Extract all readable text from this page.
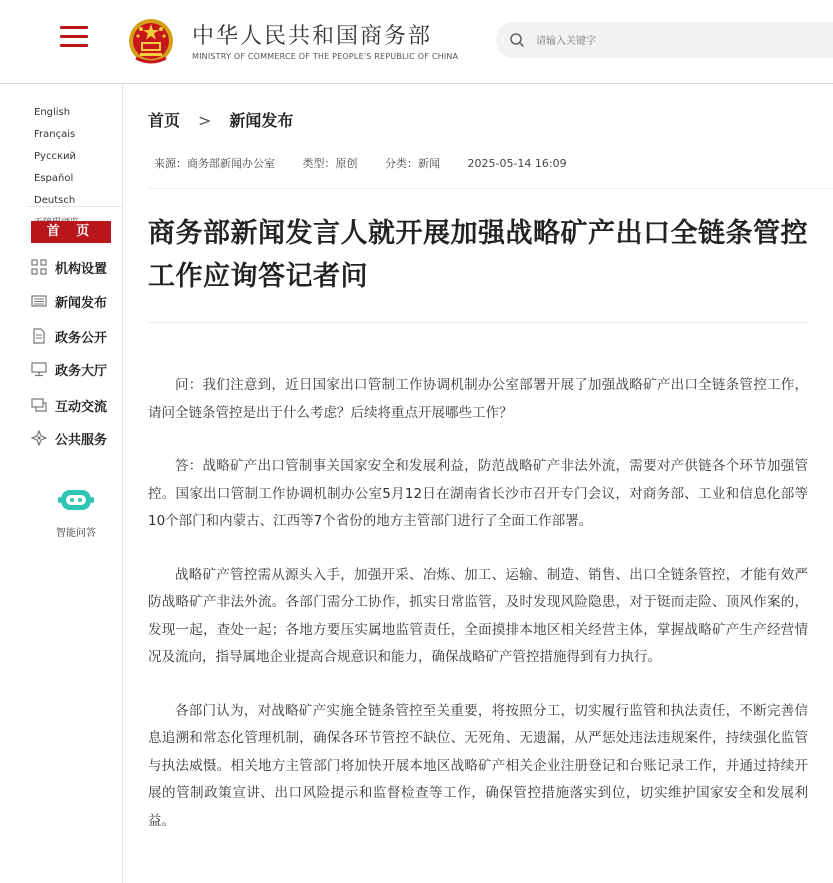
中华人民共和国商务部
MINISTRY OF COMMERCE OF THE PEOPLE'S REPUBLIC OF CHINA
请输入关键字
EnglishFrançais
РусскийEspañol
Deutsch

首 页
机构设置
新闻发布
政务公开
政务大厅
互动交流
公共服务
智能问答
首页 > 新闻发布
来源：商务部新闻办公室	类型：原创	分类：新闻	2025-05-14 16:09
商务部新闻发言人就开展加强战略矿产出口全链条管控工作应询答记者问

问：我们注意到，近日国家出口管制工作协调机制办公室部署开展了加强战略矿产出口全链条管控工作，请问全链条管控是出于什么考虑？后续将重点开展哪些工作？

答：战略矿产出口管制事关国家安全和发展利益，防范战略矿产非法外流，需要对产供链各个环节加强管控。国家出口管制工作协调机制办公室5月12日在湖南省长沙市召开专门会议，对商务部、工业和信息化部等10个部门和内蒙古、江西等7个省份的地方主管部门进行了全面工作部署。

战略矿产管控需从源头入手，加强开采、冶炼、加工、运输、制造、销售、出口全链条管控，才能有效严防战略矿产非法外流。各部门需分工协作，抓实日常监管，及时发现风险隐患，对于铤而走险、顶风作案的，发现一起，查处一起；各地方要压实属地监管责任，全面摸排本地区相关经营主体，掌握战略矿产生产经营情况及流向，指导属地企业提高合规意识和能力，确保战略矿产管控措施得到有力执行。

各部门认为，对战略矿产实施全链条管控至关重要，将按照分工，切实履行监管和执法责任，不断完善信息追溯和常态化管理机制，确保各环节管控不缺位、无死角、无遗漏，从严惩处违法违规案件，持续强化监管与执法威慑。相关地方主管部门将加快开展本地区战略矿产相关企业注册登记和台账记录工作，并通过持续开展的管制政策宣讲、出口风险提示和监督检查等工作，确保管控措施落实到位，切实维护国家安全和发展利益。
